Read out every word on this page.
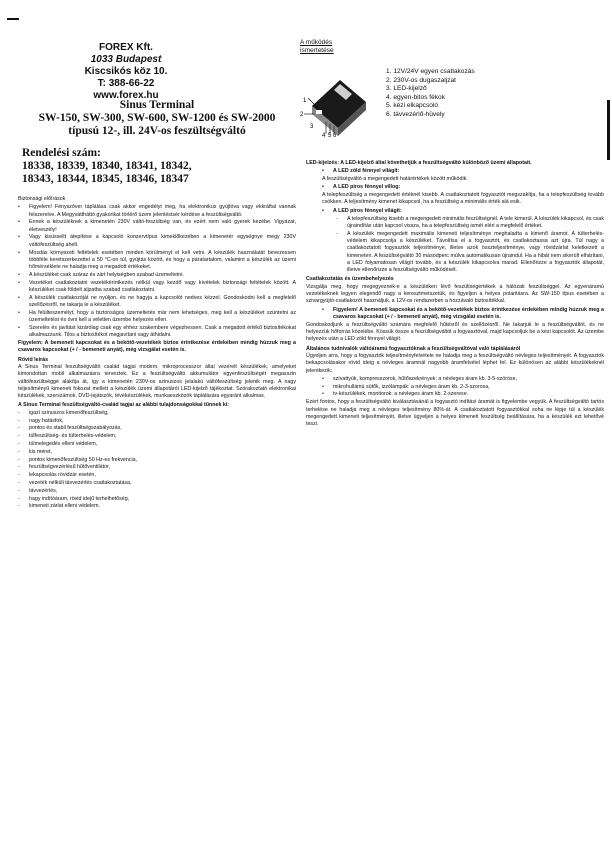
FOREX Kft.
1033 Budapest
Kiscsikós köz 10.
T: 388-66-22
www.forex.hu
Sinus Terminal
SW-150, SW-300, SW-600, SW-1200 és SW-2000
típusú 12-, ill. 24V-os feszültségváltó
Rendelési szám:
18338, 18339, 18340, 18341, 18342,
18343, 18344, 18345, 18346, 18347
A működés
ismertetése
1
2
4 5 6
3
1. 12V/24V egyen csatlakozás
2. 230V-os dugaszaljzat
3. LED-kijelző
4. egyen-bitos fékok
5. kézi elkapcsoló
6. távvezérlő-hüvely
Biztonsági előírások
• Figyelem! Fényszóver táplálása csak akkor engedélyt meg, ha elektronikus gyújtóva vagy ekkráftal vannak felszerelve. A Megyváttháttó gyakorikat törlérő üzem jelenléstsér kérdése a feszültségváltó.
• Ennek a készüléknek a kimenetén 230V váltó-feszültség van, és ezért nem való gyerek kezébe. Vigyázat, életveszély!
• Vagy kisüssellt átepítése a kapcsoló konzervtípus kimeklőkezében a kimenetér egységnye megy 230V váltófeszültség ahelt.
• Mosdás környezeti feltételek esetében minden körülményt el kell vetni. A készülék használatát bevezessen többféle keretszerkezettel a 50 °C-on túl, gyújtás között, és hogy a páratartalom, valamint a készülék az üzemi hőmérséklete ne haladja meg a megadott értékeket.
• A készüléket csak száraz és zárt helyiségben szabad üzemeltetni.
• Vezetéket csatlakoztatni vezetékérintkezés nélkül vagy kezdő vagy kívételek biztonsági feltételek között. A készüléket csak földelt aljzatba szabad csatlakoztatni.
• A készülék csatlakozóját ne nyúljon, és ne hagyja a kapcsolót nedves kézzel. Gondoskodni kell a megfelelő szellőzésről, ne takarja le a készüléket.
• Ha felülteszemélyt, hogy a biztonságos üzemeltetés már nem lehetséges, meg kell a készüléket szüntetni az üzemeltetést és óvni kell a véletlen üzembe helyezés ellen.
• Szerelés és javítást kizárólag csak egy ehhez szakembere végezhessen. Csak a megadott értékű biztosítékokat alkalmazzunk. Tilos a biztosítékot megjavítani vagy áthidalni.
Figyelem: A bemeneti kapcsokat és a bekötő-vezetékek biztos érintkezése érdekében mindig húzzuk meg a csavaros kapcsokat (+ / - bemeneti anyát), még vizsgálat esetén is.
Rövid leírás
A Sinus Terminal feszültségváltó család tagjai modern, mikroprocesszor által vezérelt készülékek, amelyeket kimondottan mobil alkalmazásra terveztek. Ez a feszültségváltó akkumulátor egyenfeszültségét megasszin váltófeszültséggé alakítja át, így a kimenetén 230V-os szinuszos jelalakú váltófeszültség jelenik meg. A nagy teljesítményű kimeneti fokozat mellett a készülék üzemi állapotáról LED-kijelző tájékoztat. Szórakoztató elektronikai készülékek, szerszámok, DVD-lejátszók, tévékészülékek, munkaeszközök táplálására egyaránt alkalmas.
A Sinus Terminal feszültségváltó-család tagjai az alábbi tulajdonságokkal tűnnek ki:
- igazi szinuszos kimenőfeszültség,
- nagy hatásfok,
- pontos és stabil feszültségszabályozás,
- túlfeszültség- és túlterhelés-védelem,
- túlmelegedés elleni védelem,
- kis méret,
- pontos kimenőfeszültség 50 Hz-es frekvencia,
- feszültségvezérlésű hűtőventilátor,
- lekapcsolás rövidzár esetén,
- vezeték nélküli távvezérlés csatlakoztatása,
- távvezérlés,
- hagy indítóáram, rövid idejű terhelhetőség,
- kimeneti zárlat elleni védelem.
LED-kijelzés: A LED-kijelző által követhetjük a feszültségváltó különböző üzemi állapotait.
• A LED zöld fénnyel világít:
A feszültségváltó a megengedett határértékek között működik.
• A LED piros fénnyel villog:
A telepfeszültség a megengedett értéknél kisebb. A csatlakoztatott fogyasztót megszakítja, ha a telepfeszültség tovább csökken. A teljesítmény kimenet kikapcsol, ha a feszültség a minimális érték alá esik.
• A LED piros fénnyel világít:
- A telepfeszültség kisebb a megengedett minimális feszültségnél. A tele kimerül. A készülék kikapcsol, és csak újraindítás után kapcsol vissza, ha a telepfeszültség ismét eléri a megfelelő értéket.
- A készülék megengedett maximális kimeneti teljesítménye meghaladta a kimenő áramot. A túlterhelés-védelem kikapcsolja a készüléket. Távolítsa el a fogyasztót, és csatlakoztassa azt újra. Túl nagy a csatlakoztatott fogyasztók teljesítménye, illetve azok összteljesítménye, vagy rövidzárlat keletkezett a kimeneten. A feszültségváltó 30 másodperc múlva automatikusan újraindul. Ha a hibát nem sikerült elhárítani, a LED folyamatosan világít tovább, és a készülék kikapcsolva marad. Ellenőrizze a fogyasztók állapotát, illetve ellenőrizze a feszültségváltó működését.
Csatlakoztatás és üzembehelyezés
Vizsgálja meg, hogy megegyeznek-e a készüléken lévő feszültségértékek a hálózati feszültséggel. Az egyenáramú vezetékeknek legyen elegendő nagy a keresztmetszetük, és figyeljen a helyes polaritásra. Az SW-150 típus esetében a szivargyújtó-csatlakozót használjuk, a 12V-os rendszerben a hozzávaló biztosítékkal.
• Figyelem! A bemeneti kapcsokat és a bekötő-vezetékek biztos érintkezése érdekében mindig húzzuk meg a csavaros kapcsokat (+ / - bemeneti anyát), még vizsgálat esetén is.
Gondoskodjunk a feszültségváltó számára megfelelő hűtésről és szellőzésről. Ne takarjuk le a feszültségváltót, és ne helyezzük hőforrás közelébe. Kössük össze a feszültségváltót a fogyasztóval, majd kapcsoljuk be a kézi kapcsolót. Az üzembe helyezés után a LED zöld fénnyel világít.
Általános tudnivalók váltóáramú fogyasztóknak a feszültségváltóval való táplálásáról
Ügyeljen arra, hogy a fogyasztók teljesítményfelvétele ne haladja meg a feszültségváltó névleges teljesítményét. A fogyasztók bekapcsolásakor rövid ideig a névleges áramnál nagyobb áramfelvétel léphet fel. Ez különösen az alábbi készülékeknél jelentkezik:
• szívattyúk, kompresszorok, hűtőszekrények: a névleges áram kb. 3-5-szöröse,
• mikrohullámú sütők, izzólámpák: a névleges áram kb. 2-3-szorosa,
• tv-készülékek, monitorok: a névleges áram kb. 2-szerese.
Ezért fontos, hogy a feszültségváltó kiválasztásánál a fogyasztó indítási áramát is figyelembe vegyük. A feszültségváltó tartós terhelése ne haladja meg a névleges teljesítmény 80%-át. A csatlakoztatott fogyasztókkal soha ne lépje túl a készülék megengedett kimeneti teljesítményét, illetve ügyeljen a helyes kimeneti feszültség beállítására, ha a készülék ezt lehetővé teszi.
